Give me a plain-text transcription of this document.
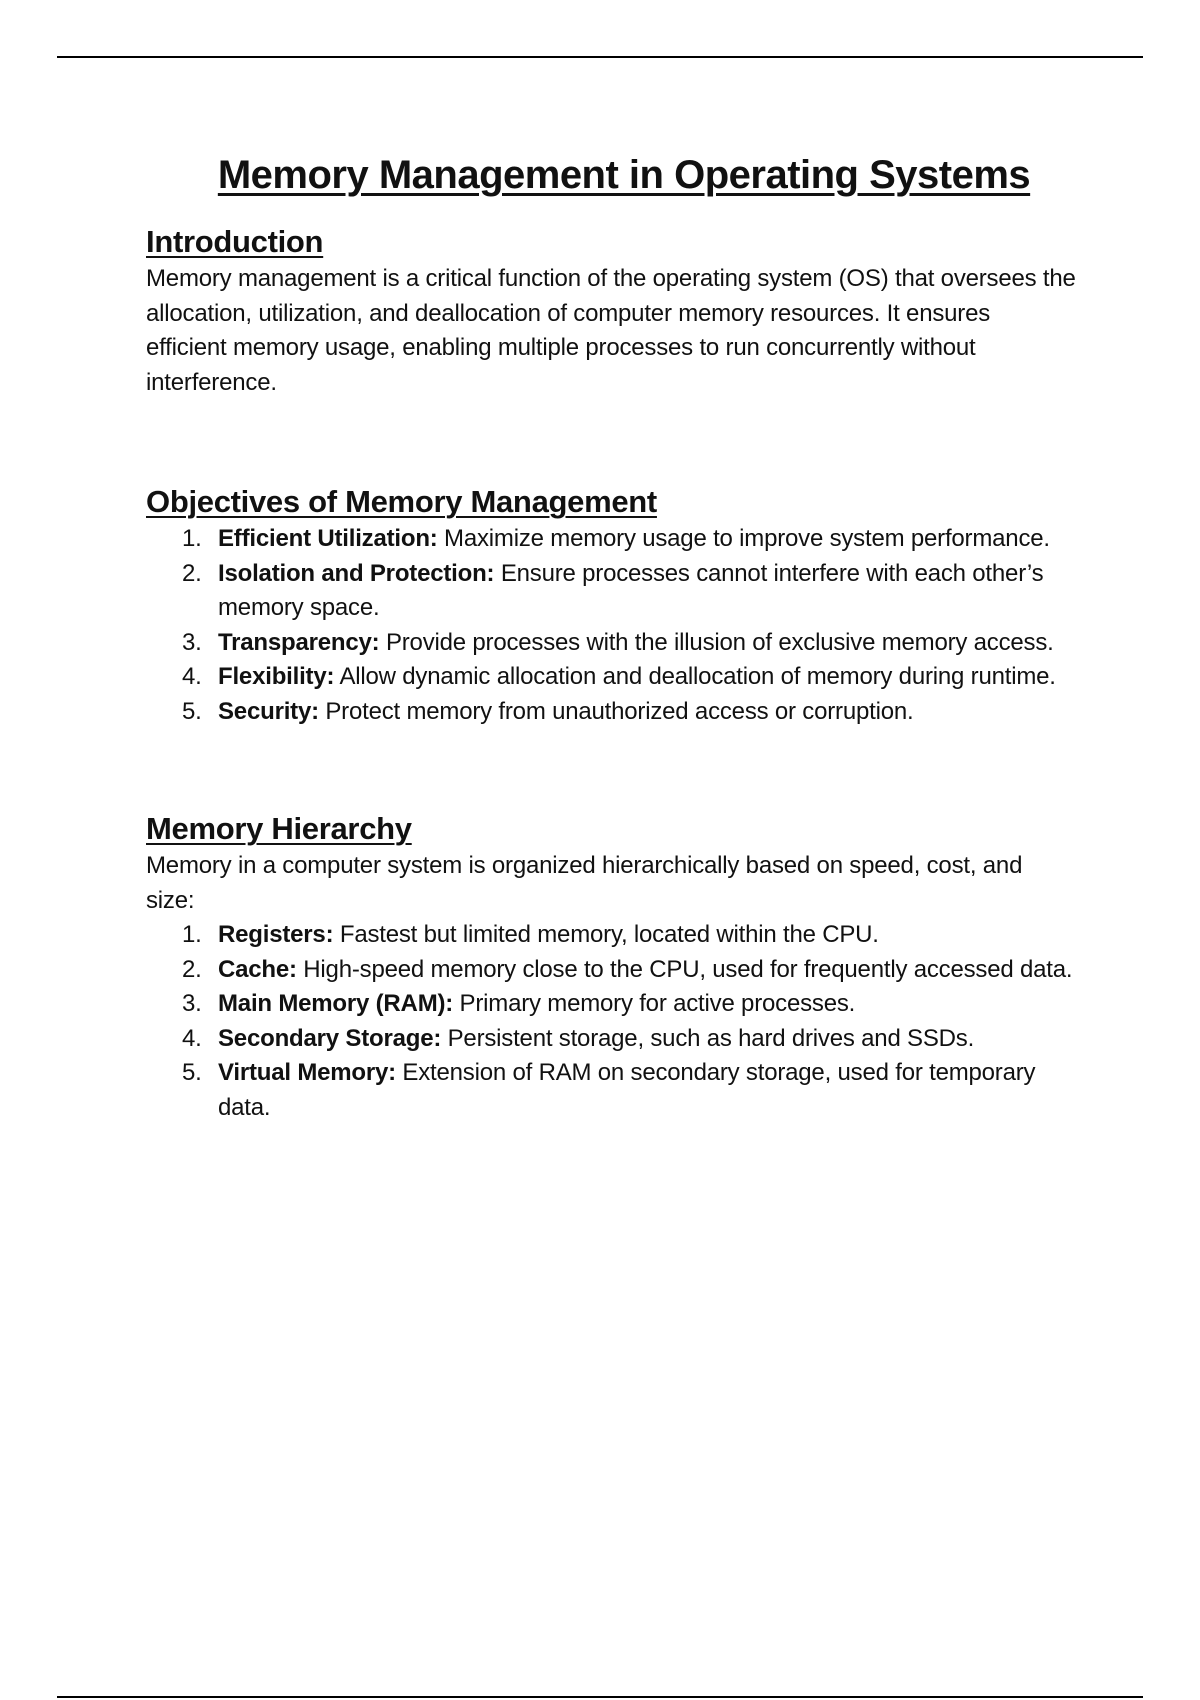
Memory Management in Operating Systems
Introduction

Memory management is a critical function of the operating system (OS) that oversees the allocation, utilization, and deallocation of computer memory resources. It ensures efficient memory usage, enabling multiple processes to run concurrently without interference.

Objectives of Memory Management
1. Efficient Utilization: Maximize memory usage to improve system performance.
2. Isolation and Protection: Ensure processes cannot interfere with each other’s memory space.
3. Transparency: Provide processes with the illusion of exclusive memory access.
4. Flexibility: Allow dynamic allocation and deallocation of memory during runtime.
5. Security: Protect memory from unauthorized access or corruption.
Memory Hierarchy

Memory in a computer system is organized hierarchically based on speed, cost, and size:

1. Registers: Fastest but limited memory, located within the CPU.
2. Cache: High-speed memory close to the CPU, used for frequently accessed data.
3. Main Memory (RAM): Primary memory for active processes.
4. Secondary Storage: Persistent storage, such as hard drives and SSDs.
5. Virtual Memory: Extension of RAM on secondary storage, used for temporary data.
